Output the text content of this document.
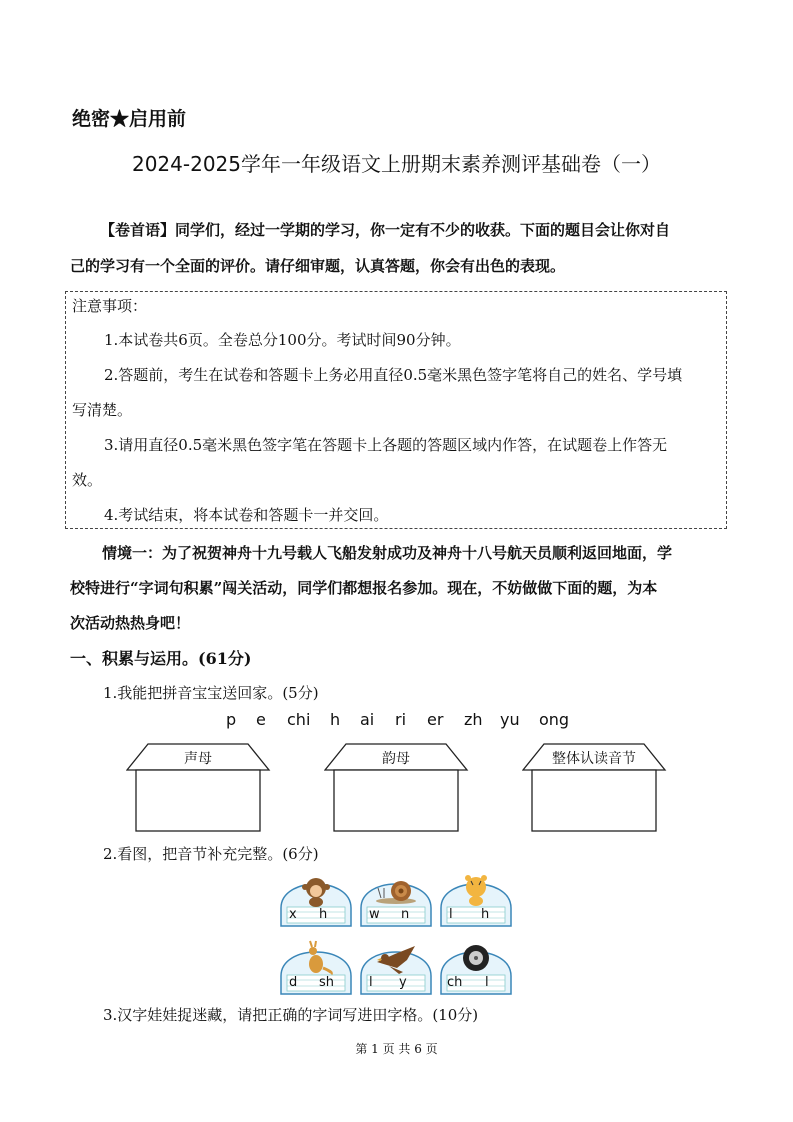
绝密★启用前
2024-2025学年一年级语文上册期末素养测评基础卷（一）
【卷首语】同学们，经过一学期的学习，你一定有不少的收获。下面的题目会让你对自
己的学习有一个全面的评价。请仔细审题，认真答题，你会有出色的表现。
注意事项：
1.本试卷共6页。全卷总分100分。考试时间90分钟。
2.答题前，考生在试卷和答题卡上务必用直径0.5毫米黑色签字笔将自己的姓名、学号填
写清楚。
3.请用直径0.5毫米黑色签字笔在答题卡上各题的答题区域内作答，在试题卷上作答无
效。
4.考试结束，将本试卷和答题卡一并交回。
情境一：为了祝贺神舟十九号载人飞船发射成功及神舟十八号航天员顺利返回地面，学
校特进行“字词句积累”闯关活动，同学们都想报名参加。现在，不妨做做下面的题，为本
次活动热热身吧！
一、积累与运用。(61分)
1.我能把拼音宝宝送回家。(5分)
p e chi h ai ri er zh yu ong
声母	韵母	整体认读音节
2.看图，把音节补充完整。(6分)
x h	w n	l h
d sh	l y	ch l
3.汉字娃娃捉迷藏，请把正确的字词写进田字格。(10分)
第 1 页 共 6 页
